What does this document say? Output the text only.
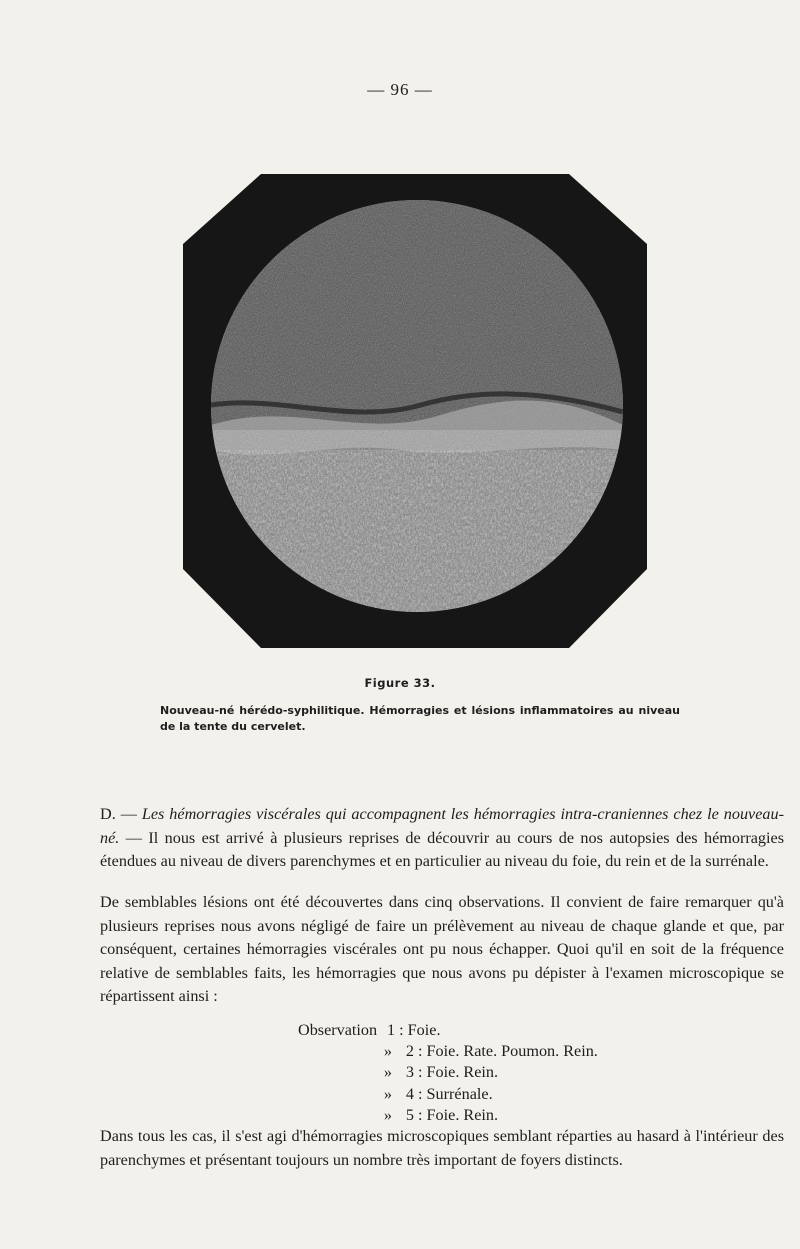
— 96 —
Figure 33.
Nouveau-né hérédo-syphilitique. Hémorragies et lésions inflammatoires au niveau de la tente du cervelet.

D. — Les hémorragies viscérales qui accompagnent les hémorragies intra-craniennes chez le nouveau-né. — Il nous est arrivé à plusieurs reprises de découvrir au cours de nos autopsies des hémorragies étendues au niveau de divers parenchymes et en particulier au niveau du foie, du rein et de la surrénale.

De semblables lésions ont été découvertes dans cinq observations. Il convient de faire remarquer qu'à plusieurs reprises nous avons négligé de faire un prélèvement au niveau de chaque glande et que, par conséquent, certaines hémorragies viscérales ont pu nous échapper. Quoi qu'il en soit de la fréquence relative de semblables faits, les hémorragies que nous avons pu dépister à l'examen microscopique se répartissent ainsi :

Observation 1 : Foie.
» 2 : Foie. Rate. Poumon. Rein.
» 3 : Foie. Rein.
» 4 : Surrénale.
» 5 : Foie. Rein.

Dans tous les cas, il s'est agi d'hémorragies microscopiques semblant réparties au hasard à l'intérieur des parenchymes et présentant toujours un nombre très important de foyers distincts.
